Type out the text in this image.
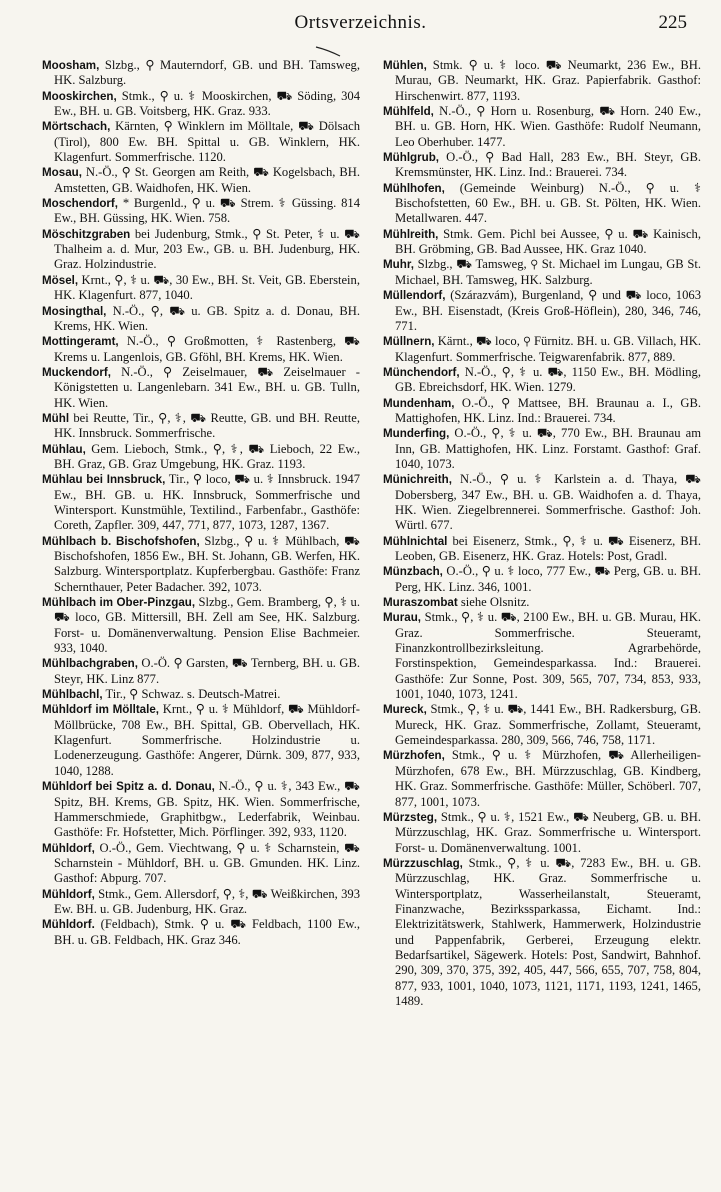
Ortsverzeichnis.	225
Moosham, Slzbg., ⚲ Mauterndorf, GB. und BH. Tamsweg, HK. Salzburg.
Mooskirchen, Stmk., ⚲ u. ⚕ Mooskirchen, ⛟ Söding, 304 Ew., BH. u. GB. Voitsberg, HK. Graz. 933.
Mörtschach, Kärnten, ⚲ Winklern im Mölltale, ⛟ Dölsach (Tirol), 800 Ew. BH. Spittal u. GB. Winklern, HK. Klagenfurt. Sommerfrische. 1120.
Mosau, N.-Ö., ⚲ St. Georgen am Reith, ⛟ Kogelsbach, BH. Amstetten, GB. Waidhofen, HK. Wien.
Moschendorf, * Burgenld., ⚲ u. ⛟ Strem. ⚕ Güssing. 814 Ew., BH. Güssing, HK. Wien. 758.
Möschitzgraben bei Judenburg, Stmk., ⚲ St. Peter, ⚕ u. ⛟ Thalheim a. d. Mur, 203 Ew., GB. u. BH. Judenburg, HK. Graz. Holzindustrie.
Mösel, Krnt., ⚲, ⚕ u. ⛟, 30 Ew., BH. St. Veit, GB. Eberstein, HK. Klagenfurt. 877, 1040.
Mosingthal, N.-Ö., ⚲, ⛟ u. GB. Spitz a. d. Donau, BH. Krems, HK. Wien.
Mottingeramt, N.-Ö., ⚲ Großmotten, ⚕ Rastenberg, ⛟ Krems u. Langenlois, GB. Gföhl, BH. Krems, HK. Wien.
Muckendorf, N.-Ö., ⚲ Zeiselmauer, ⛟ Zeiselmauer - Königstetten u. Langenlebarn. 341 Ew., BH. u. GB. Tulln, HK. Wien.
Mühl bei Reutte, Tir., ⚲, ⚕, ⛟ Reutte, GB. und BH. Reutte, HK. Innsbruck. Sommerfrische.
Mühlau, Gem. Lieboch, Stmk., ⚲, ⚕, ⛟ Lieboch, 22 Ew., BH. Graz, GB. Graz Umgebung, HK. Graz. 1193.
Mühlau bei Innsbruck, Tir., ⚲ loco, ⛟ u. ⚕ Innsbruck. 1947 Ew., BH. GB. u. HK. Innsbruck, Sommerfrische und Wintersport. Kunstmühle, Textilind., Farbenfabr., Gasthöfe: Coreth, Zapfler. 309, 447, 771, 877, 1073, 1287, 1367.
Mühlbach b. Bischofshofen, Slzbg., ⚲ u. ⚕ Mühlbach, ⛟ Bischofshofen, 1856 Ew., BH. St. Johann, GB. Werfen, HK. Salzburg. Wintersportplatz. Kupferbergbau. Gasthöfe: Franz Schernthauer, Peter Badacher. 392, 1073.
Mühlbach im Ober-Pinzgau, Slzbg., Gem. Bramberg, ⚲, ⚕ u. ⛟ loco, GB. Mittersill, BH. Zell am See, HK. Salzburg. Forst- u. Domänenverwaltung. Pension Elise Bachmeier. 933, 1040.
Mühlbachgraben, O.-Ö. ⚲ Garsten, ⛟ Ternberg, BH. u. GB. Steyr, HK. Linz 877.
Mühlbachl, Tir., ⚲ Schwaz. s. Deutsch-Matrei.
Mühldorf im Mölltale, Krnt., ⚲ u. ⚕ Mühldorf, ⛟ Mühldorf-Möllbrücke, 708 Ew., BH. Spittal, GB. Obervellach, HK. Klagenfurt. Sommerfrische. Holzindustrie u. Lodenerzeugung. Gasthöfe: Angerer, Dürnk. 309, 877, 933, 1040, 1288.
Mühldorf bei Spitz a. d. Donau, N.-Ö., ⚲ u. ⚕, 343 Ew., ⛟ Spitz, BH. Krems, GB. Spitz, HK. Wien. Sommerfrische, Hammerschmiede, Graphitbgw., Lederfabrik, Weinbau. Gasthöfe: Fr. Hofstetter, Mich. Pörflinger. 392, 933, 1120.
Mühldorf, O.-Ö., Gem. Viechtwang, ⚲ u. ⚕ Scharnstein, ⛟ Scharnstein - Mühldorf, BH. u. GB. Gmunden. HK. Linz. Gasthof: Abpurg. 707.
Mühldorf, Stmk., Gem. Allersdorf, ⚲, ⚕, ⛟ Weißkirchen, 393 Ew. BH. u. GB. Judenburg, HK. Graz.
Mühldorf. (Feldbach), Stmk. ⚲ u. ⛟ Feldbach, 1100 Ew., BH. u. GB. Feldbach, HK. Graz 346.
Mühlen, Stmk. ⚲ u. ⚕ loco. ⛟ Neumarkt, 236 Ew., BH. Murau, GB. Neumarkt, HK. Graz. Papierfabrik. Gasthof: Hirschenwirt. 877, 1193.
Mühlfeld, N.-Ö., ⚲ Horn u. Rosenburg, ⛟ Horn. 240 Ew., BH. u. GB. Horn, HK. Wien. Gasthöfe: Rudolf Neumann, Leo Oberhuber. 1477.
Mühlgrub, O.-Ö., ⚲ Bad Hall, 283 Ew., BH. Steyr, GB. Kremsmünster, HK. Linz. Ind.: Brauerei. 734.
Mühlhofen, (Gemeinde Weinburg) N.-Ö., ⚲ u. ⚕ Bischofstetten, 60 Ew., BH. u. GB. St. Pölten, HK. Wien. Metallwaren. 447.
Mühlreith, Stmk. Gem. Pichl bei Aussee, ⚲ u. ⛟ Kainisch, BH. Gröbming, GB. Bad Aussee, HK. Graz 1040.
Muhr, Slzbg., ⛟ Tamsweg, ⚲ St. Michael im Lungau, GB St. Michael, BH. Tamsweg, HK. Salzburg.
Müllendorf, (Szárazvám), Burgenland, ⚲ und ⛟ loco, 1063 Ew., BH. Eisenstadt, (Kreis Groß-Höflein), 280, 346, 746, 771.
Müllnern, Kärnt., ⛟ loco, ⚲ Fürnitz. BH. u. GB. Villach, HK. Klagenfurt. Sommerfrische. Teigwarenfabrik. 877, 889.
Münchendorf, N.-Ö., ⚲, ⚕ u. ⛟, 1150 Ew., BH. Mödling, GB. Ebreichsdorf, HK. Wien. 1279.
Mundenham, O.-Ö., ⚲ Mattsee, BH. Braunau a. I., GB. Mattighofen, HK. Linz. Ind.: Brauerei. 734.
Munderfing, O.-Ö., ⚲, ⚕ u. ⛟, 770 Ew., BH. Braunau am Inn, GB. Mattighofen, HK. Linz. Forstamt. Gasthof: Graf. 1040, 1073.
Münichreith, N.-Ö., ⚲ u. ⚕ Karlstein a. d. Thaya, ⛟ Dobersberg, 347 Ew., BH. u. GB. Waidhofen a. d. Thaya, HK. Wien. Ziegelbrennerei. Sommerfrische. Gasthof: Joh. Würtl. 677.
Mühlnichtal bei Eisenerz, Stmk., ⚲, ⚕ u. ⛟ Eisenerz, BH. Leoben, GB. Eisenerz, HK. Graz. Hotels: Post, Gradl.
Münzbach, O.-Ö., ⚲ u. ⚕ loco, 777 Ew., ⛟ Perg, GB. u. BH. Perg, HK. Linz. 346, 1001.
Muraszombat siehe Olsnitz.
Murau, Stmk., ⚲, ⚕ u. ⛟, 2100 Ew., BH. u. GB. Murau, HK. Graz. Sommerfrische. Steueramt, Finanzkontrollbezirksleitung. Agrarbehörde, Forstinspektion, Gemeindesparkassa. Ind.: Brauerei. Gasthöfe: Zur Sonne, Post. 309, 565, 707, 734, 853, 933, 1001, 1040, 1073, 1241.
Mureck, Stmk., ⚲, ⚕ u. ⛟, 1441 Ew., BH. Radkersburg, GB. Mureck, HK. Graz. Sommerfrische, Zollamt, Steueramt, Gemeindesparkassa. 280, 309, 566, 746, 758, 1171.
Mürzhofen, Stmk., ⚲ u. ⚕ Mürzhofen, ⛟ Allerheiligen-Mürzhofen, 678 Ew., BH. Mürzzuschlag, GB. Kindberg, HK. Graz. Sommerfrische. Gasthöfe: Müller, Schöberl. 707, 877, 1001, 1073.
Mürzsteg, Stmk., ⚲ u. ⚕, 1521 Ew., ⛟ Neuberg, GB. u. BH. Mürzzuschlag, HK. Graz. Sommerfrische u. Wintersport. Forst- u. Domänenverwaltung. 1001.
Mürzzuschlag, Stmk., ⚲, ⚕ u. ⛟, 7283 Ew., BH. u. GB. Mürzzuschlag, HK. Graz. Sommerfrische u. Wintersportplatz, Wasserheilanstalt, Steueramt, Finanzwache, Bezirkssparkassa, Eichamt. Ind.: Elektrizitätswerk, Stahlwerk, Hammerwerk, Holzindustrie und Pappenfabrik, Gerberei, Erzeugung elektr. Bedarfsartikel, Sägewerk. Hotels: Post, Sandwirt, Bahnhof. 290, 309, 370, 375, 392, 405, 447, 566, 655, 707, 758, 804, 877, 933, 1001, 1040, 1073, 1121, 1171, 1193, 1241, 1465, 1489.
